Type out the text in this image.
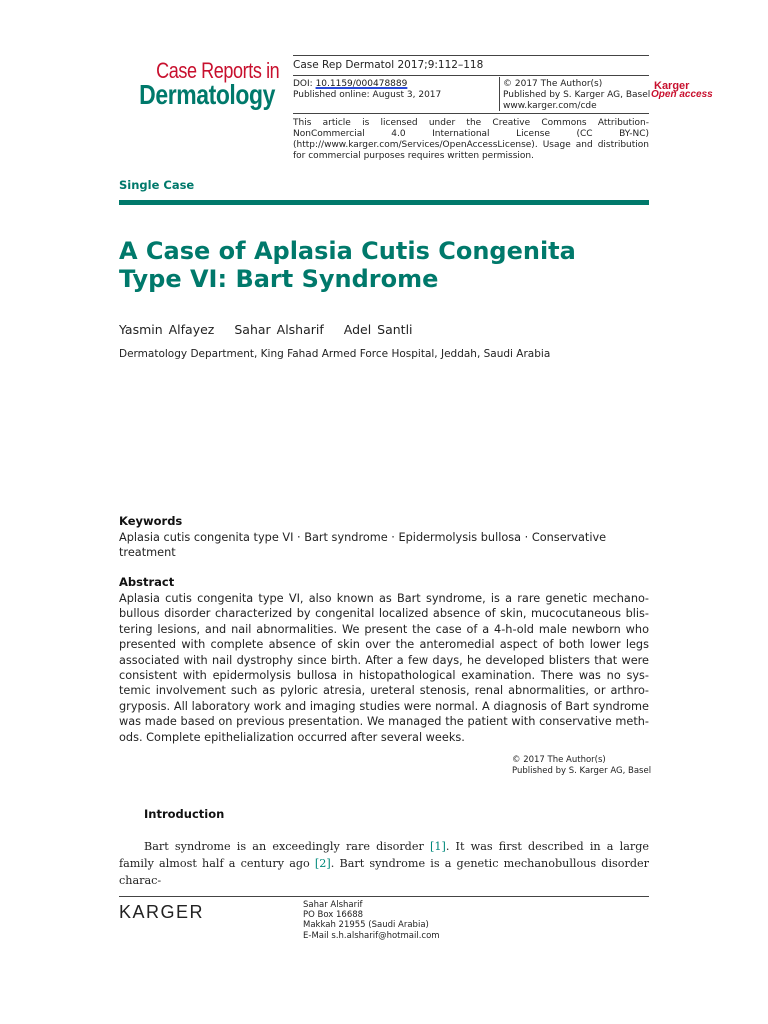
Case Reports in
Dermatology
Case Rep Dermatol 2017;9:112–118
DOI: 10.1159/000478889
Published online: August 3, 2017
© 2017 The Author(s)
Published by S. Karger AG, Basel
www.karger.com/cde
Karger
Open access
This article is licensed under the Creative Commons Attribution-NonCommercial 4.0 International License (CC BY-NC) (http://www.karger.com/Services/OpenAccessLicense). Usage and distribution for commercial purposes requires written permission.
Single Case
A Case of Aplasia Cutis Congenita Type VI: Bart Syndrome
Yasmin Alfayez Sahar Alsharif Adel Santli
Dermatology Department, King Fahad Armed Force Hospital, Jeddah, Saudi Arabia
Keywords
Aplasia cutis congenita type VI · Bart syndrome · Epidermolysis bullosa · Conservative treatment
Abstract
Aplasia cutis congenita type VI, also known as Bart syndrome, is a rare genetic mechanobullous disorder characterized by congenital localized absence of skin, mucocutaneous blistering lesions, and nail abnormalities. We present the case of a 4-h-old male newborn who presented with complete absence of skin over the anteromedial aspect of both lower legs associated with nail dystrophy since birth. After a few days, he developed blisters that were consistent with epidermolysis bullosa in histopathological examination. There was no systemic involvement such as pyloric atresia, ureteral stenosis, renal abnormalities, or arthrogryposis. All laboratory work and imaging studies were normal. A diagnosis of Bart syndrome was made based on previous presentation. We managed the patient with conservative methods. Complete epithelialization occurred after several weeks.
© 2017 The Author(s)
Published by S. Karger AG, Basel
Introduction
Bart syndrome is an exceedingly rare disorder [1]. It was first described in a large family almost half a century ago [2]. Bart syndrome is a genetic mechanobullous disorder charac-
KARGER	Sahar Alsharif
PO Box 16688
Makkah 21955 (Saudi Arabia)
E-Mail s.h.alsharif@hotmail.com
